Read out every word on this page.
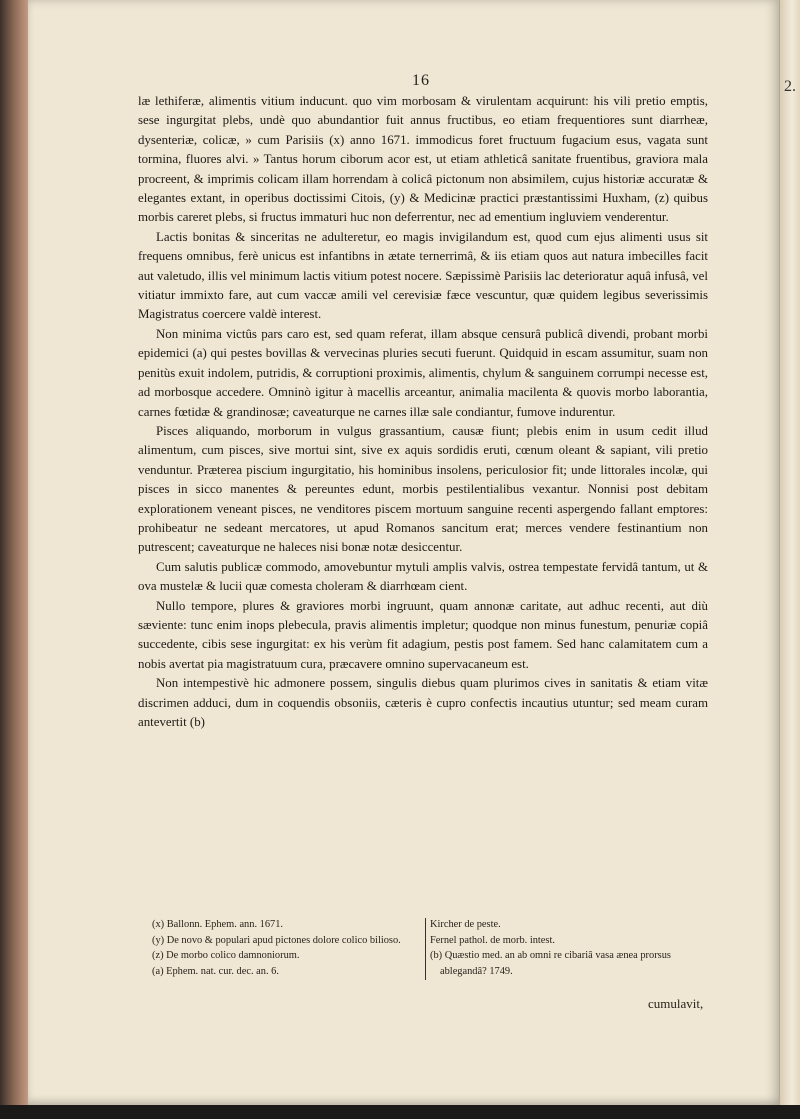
2.
16

læ lethiferæ, alimentis vitium inducunt. quo vim morbosam & virulentam acquirunt: his vili pretio emptis, sese ingurgitat plebs, undè quo abundantior fuit annus fructibus, eo etiam frequentiores sunt diarrheæ, dysenteriæ, colicæ, » cum Parisiis (x) anno 1671. immodicus foret fructuum fugacium esus, vagata sunt tormina, fluores alvi. » Tantus horum ciborum acor est, ut etiam athleticâ sanitate fruentibus, graviora mala procreent, & imprimis colicam illam horrendam à colicâ pictonum non absimilem, cujus historiæ accuratæ & elegantes extant, in operibus doctissimi Citois, (y) & Medicinæ practici præstantissimi Huxham, (z) quibus morbis careret plebs, si fructus immaturi huc non deferrentur, nec ad ementium ingluviem venderentur.

Lactis bonitas & sinceritas ne adulteretur, eo magis invigilandum est, quod cum ejus alimenti usus sit frequens omnibus, ferè unicus est infantibns in ætate ternerrimâ, & iis etiam quos aut natura imbecilles facit aut valetudo, illis vel minimum lactis vitium potest nocere. Sæpissimè Parisiis lac deterioratur aquâ infusâ, vel vitiatur immixto fare, aut cum vaccæ amili vel cerevisiæ fæce vescuntur, quæ quidem legibus severissimis Magistratus coercere valdè interest.

Non minima victûs pars caro est, sed quam referat, illam absque censurâ publicâ divendi, probant morbi epidemici (a) qui pestes bovillas & vervecinas pluries secuti fuerunt. Quidquid in escam assumitur, suam non penitùs exuit indolem, putridis, & corruptioni proximis, alimentis, chylum & sanguinem corrumpi necesse est, ad morbosque accedere. Omninò igitur à macellis arceantur, animalia macilenta & quovis morbo laborantia, carnes fœtidæ & grandinosæ; caveaturque ne carnes illæ sale condiantur, fumove indurentur.

Pisces aliquando, morborum in vulgus grassantium, causæ fiunt; plebis enim in usum cedit illud alimentum, cum pisces, sive mortui sint, sive ex aquis sordidis eruti, cœnum oleant & sapiant, vili pretio venduntur. Præterea piscium ingurgitatio, his hominibus insolens, periculosior fit; unde littorales incolæ, qui pisces in sicco manentes & pereuntes edunt, morbis pestilentialibus vexantur. Nonnisi post debitam explorationem veneant pisces, ne venditores piscem mortuum sanguine recenti aspergendo fallant emptores: prohibeatur ne sedeant mercatores, ut apud Romanos sancitum erat; merces vendere festinantium non putrescent; caveaturque ne haleces nisi bonæ notæ desiccentur.

Cum salutis publicæ commodo, amovebuntur mytuli amplis valvis, ostrea tempestate fervidâ tantum, ut & ova mustelæ & lucii quæ comesta choleram & diarrhœam cient.

Nullo tempore, plures & graviores morbi ingruunt, quam annonæ caritate, aut adhuc recenti, aut diù sæviente: tunc enim inops plebecula, pravis alimentis impletur; quodque non minus funestum, penuriæ copiâ succedente, cibis sese ingurgitat: ex his verùm fit adagium, pestis post famem. Sed hanc calamitatem cum a nobis avertat pia magistratuum cura, præcavere omnino supervacaneum est.

Non intempestivè hic admonere possem, singulis diebus quam plurimos cives in sanitatis & etiam vitæ discrimen adduci, dum in coquendis obsoniis, cæteris è cupro confectis incautius utuntur; sed meam curam antevertit (b)

(x) Ballonn. Ephem. ann. 1671.
(y) De novo & populari apud pictones dolore colico bilioso.
(z) De morbo colico damnoniorum.
(a) Ephem. nat. cur. dec. an. 6.
Kircher de peste.
Fernel pathol. de morb. intest.
(b) Quæstio med. an ab omni re cibariâ vasa ænea prorsus ablegandâ? 1749.
cumulavit,
